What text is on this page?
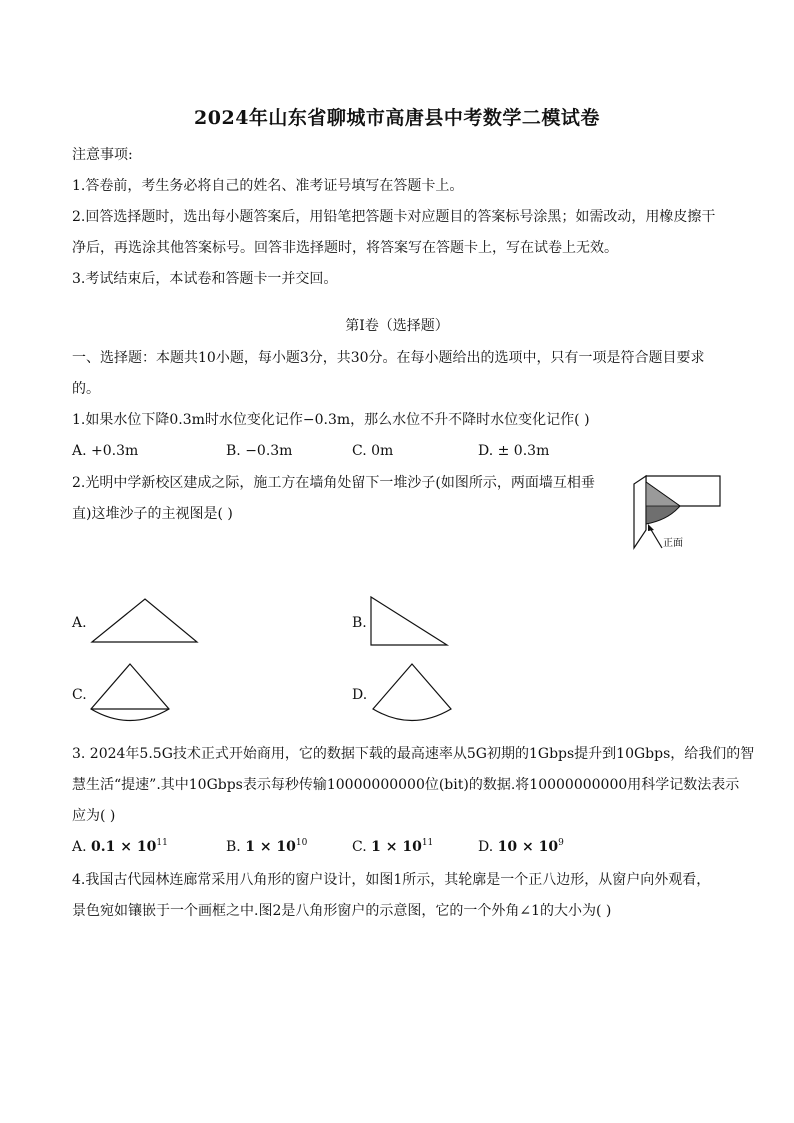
2024年山东省聊城市高唐县中考数学二模试卷
注意事项:
1.答卷前，考生务必将自己的姓名、准考证号填写在答题卡上。
2.回答选择题时，选出每小题答案后，用铅笔把答题卡对应题目的答案标号涂黑；如需改动，用橡皮擦干
净后，再选涂其他答案标号。回答非选择题时，将答案写在答题卡上，写在试卷上无效。
3.考试结束后，本试卷和答题卡一并交回。
第Ⅰ卷（选择题）
一、选择题：本题共10小题，每小题3分，共30分。在每小题给出的选项中，只有一项是符合题目要求
的。
1.如果水位下降0.3m时水位变化记作−0.3m，那么水位不升不降时水位变化记作( )
A. +0.3m	B. −0.3m	C. 0m	D. ± 0.3m
2.光明中学新校区建成之际，施工方在墙角处留下一堆沙子(如图所示，两面墙互相垂
直)这堆沙子的主视图是( )
正面
A.	B.
C.	D.
3. 2024年5.5G技术正式开始商用，它的数据下载的最高速率从5G初期的1Gbps提升到10Gbps，给我们的智
慧生活“提速”.其中10Gbps表示每秒传输10000000000位(bit)的数据.将10000000000用科学记数法表示
应为( )
A. $0.1 \times 10^{11}$	B. $1 \times 10^{10}$	C. $1 \times 10^{11}$	D. $10 \times 10^9$
4.我国古代园林连廊常采用八角形的窗户设计，如图1所示，其轮廓是一个正八边形，从窗户向外观看，
景色宛如镶嵌于一个画框之中.图2是八角形窗户的示意图，它的一个外角∠1的大小为( )
